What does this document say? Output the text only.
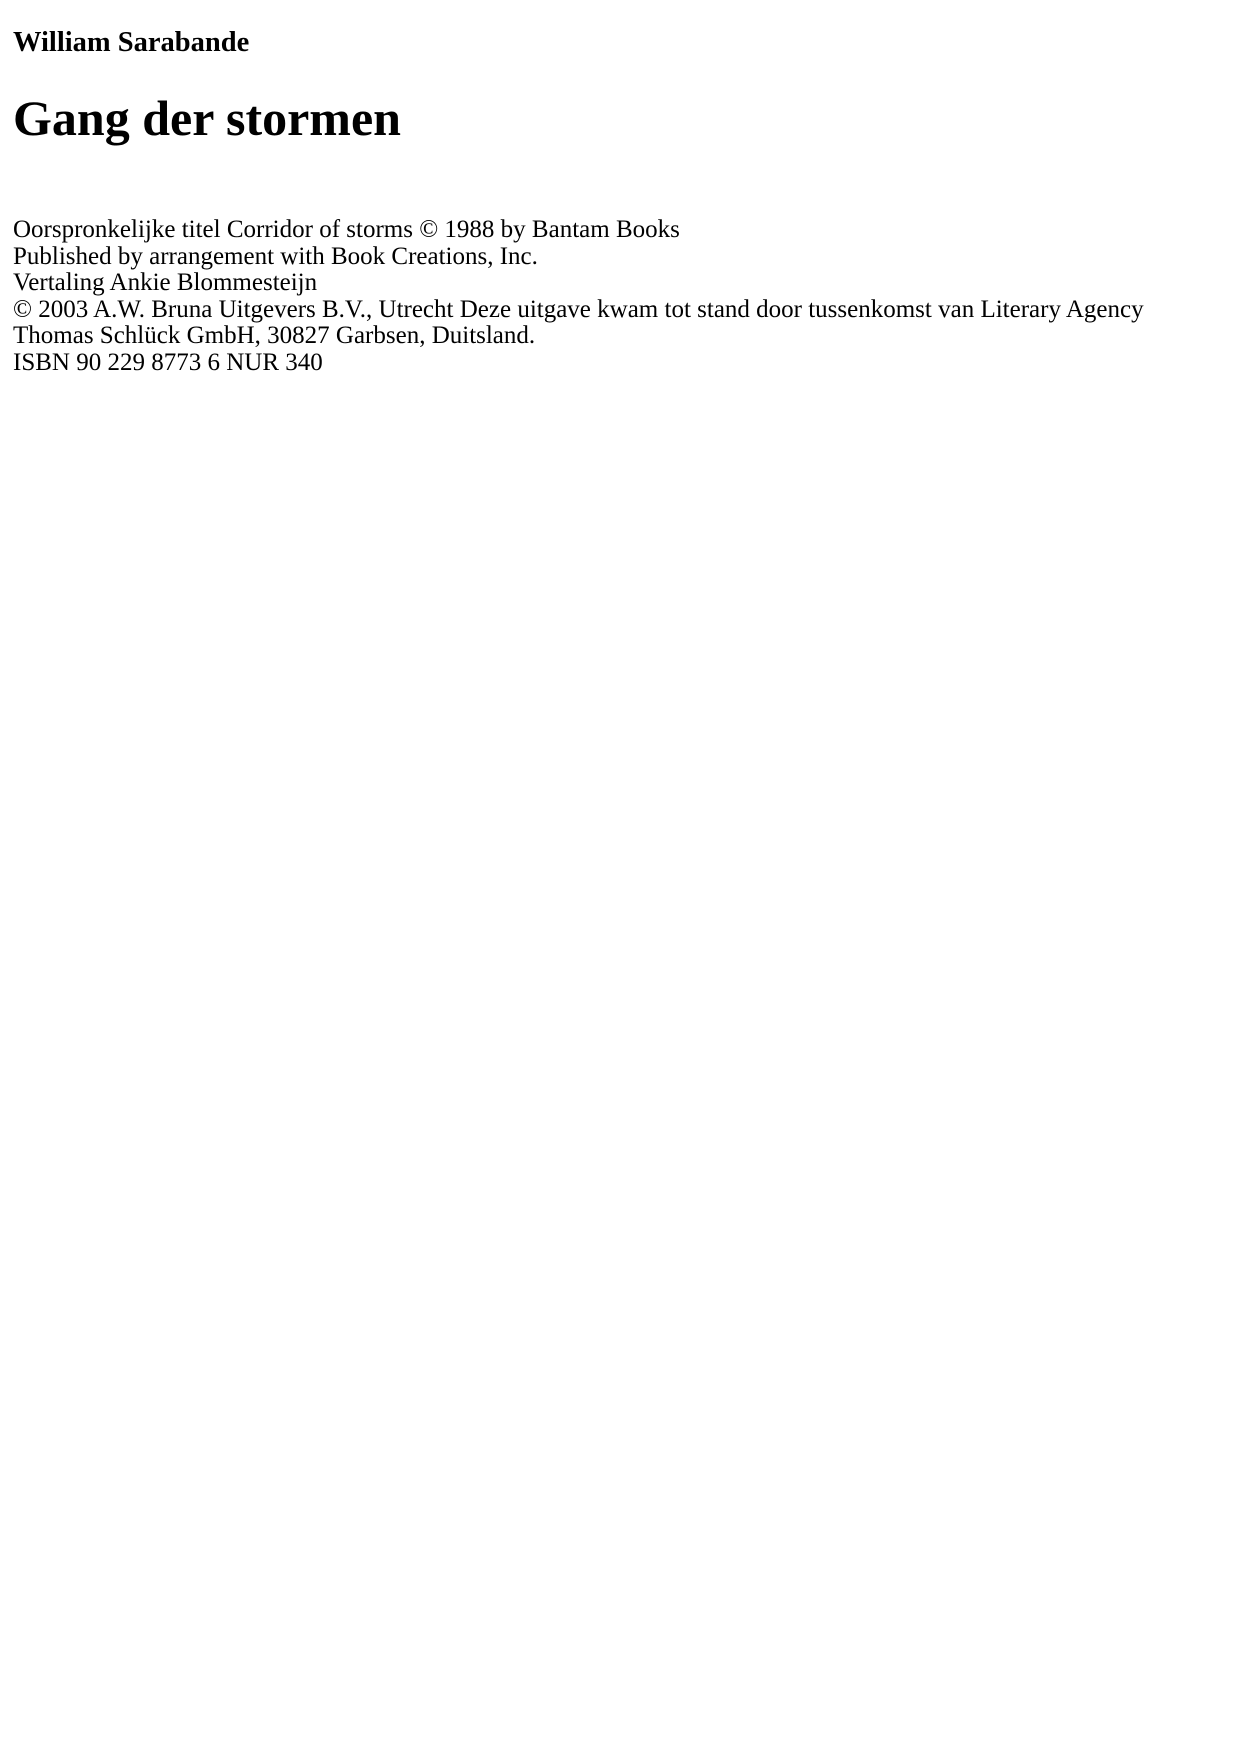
William Sarabande
Gang der stormen
Oorspronkelijke titel Corridor of storms © 1988 by Bantam Books
Published by arrangement with Book Creations, Inc.
Vertaling Ankie Blommesteijn
© 2003 A.W. Bruna Uitgevers B.V., Utrecht Deze uitgave kwam tot stand door tussenkomst van Literary Agency
Thomas Schlück GmbH, 30827 Garbsen, Duitsland.
ISBN 90 229 8773 6 NUR 340
